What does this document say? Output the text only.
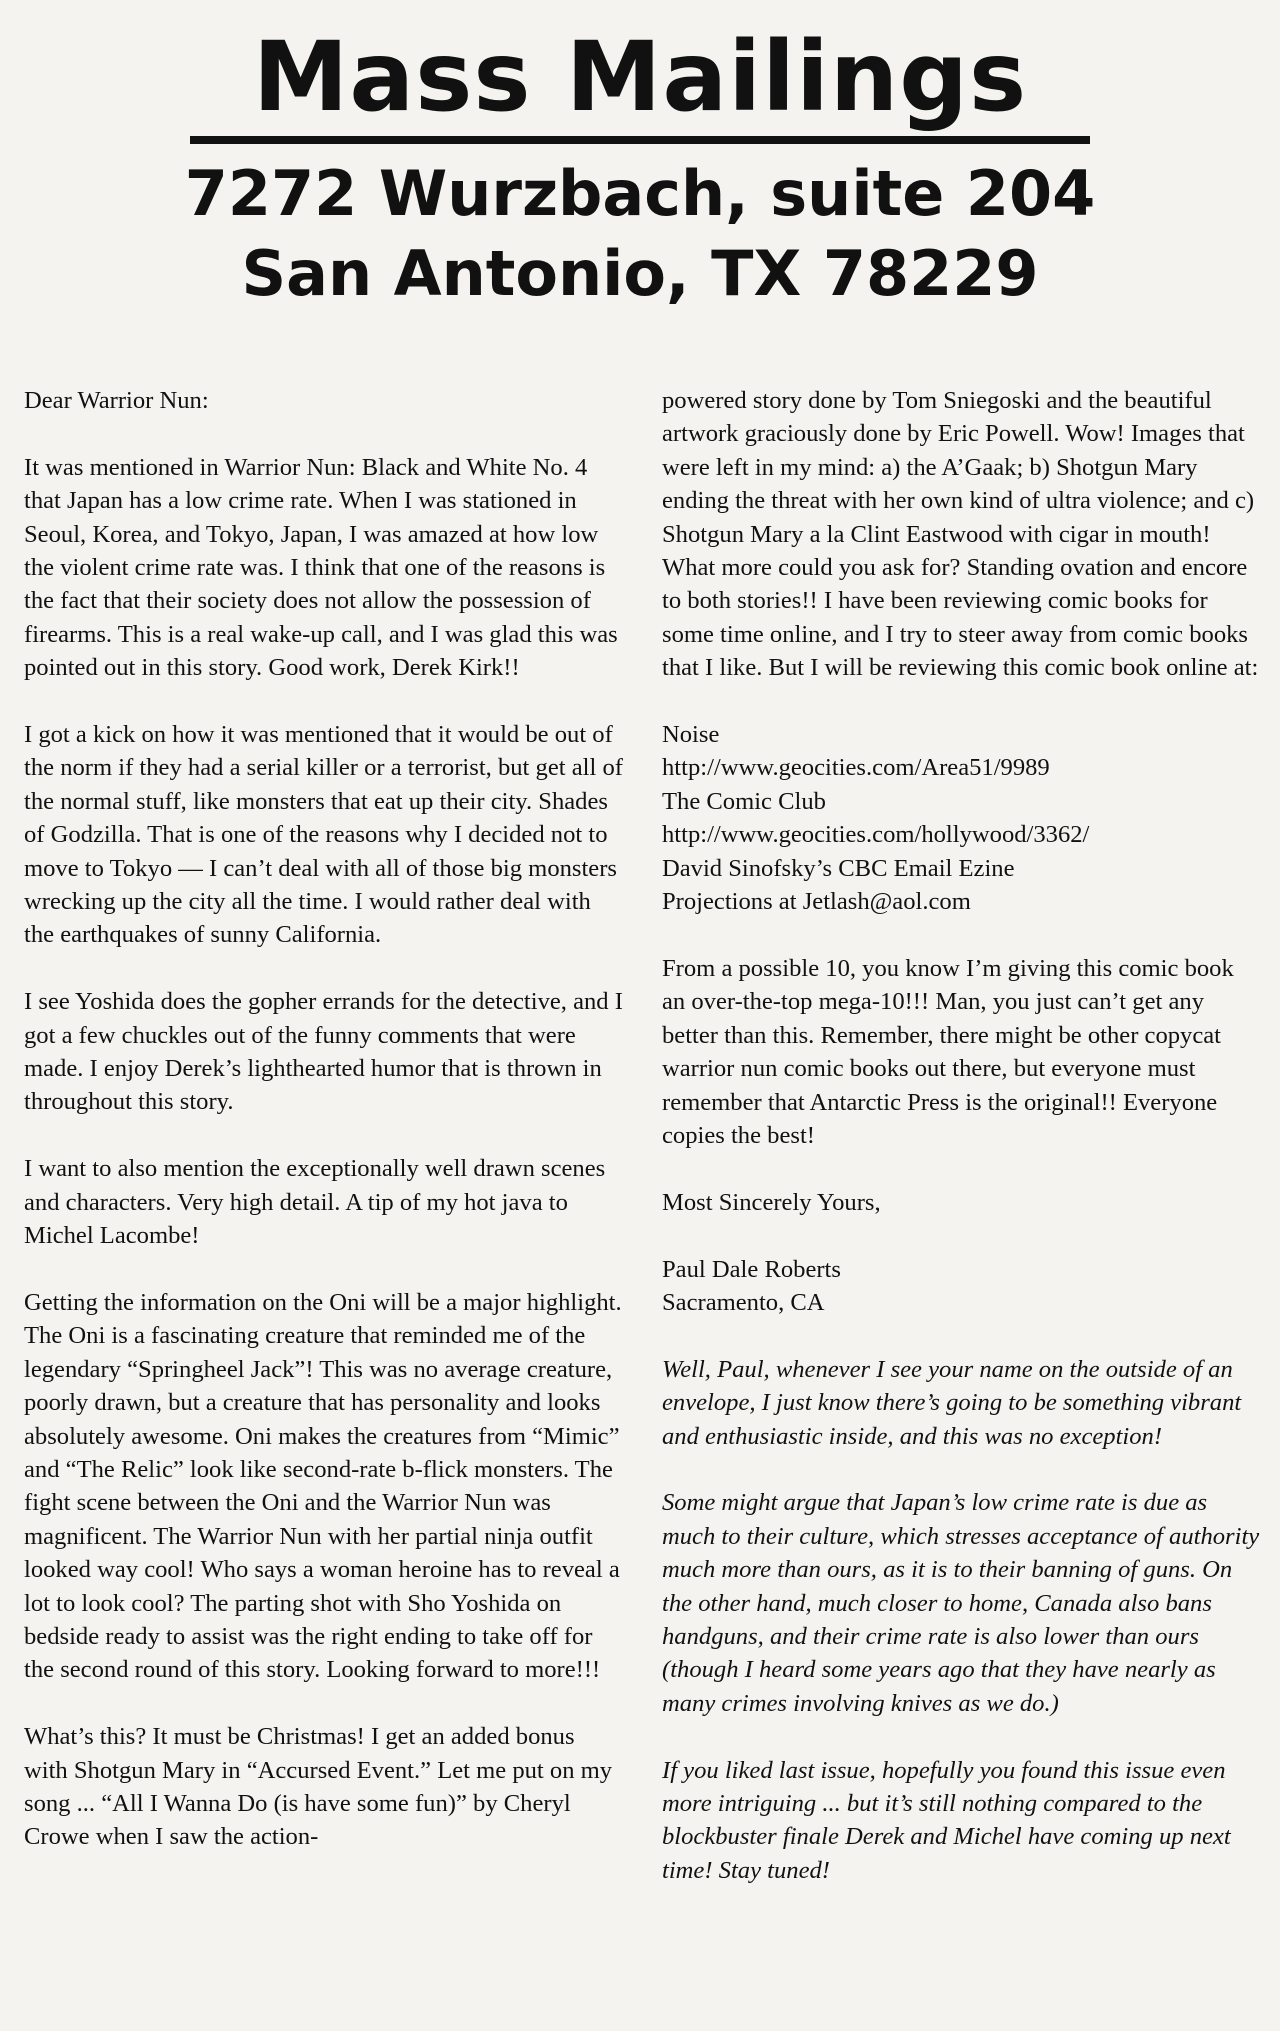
Mass Mailings
7272 Wurzbach, suite 204
San Antonio, TX 78229

Dear Warrior Nun:

It was mentioned in Warrior Nun: Black and White No. 4 that Japan has a low crime rate. When I was stationed in Seoul, Korea, and Tokyo, Japan, I was amazed at how low the violent crime rate was. I think that one of the reasons is the fact that their society does not allow the possession of firearms. This is a real wake-up call, and I was glad this was pointed out in this story. Good work, Derek Kirk!!

I got a kick on how it was mentioned that it would be out of the norm if they had a serial killer or a terrorist, but get all of the normal stuff, like monsters that eat up their city. Shades of Godzilla. That is one of the reasons why I decided not to move to Tokyo — I can’t deal with all of those big monsters wrecking up the city all the time. I would rather deal with the earthquakes of sunny California.

I see Yoshida does the gopher errands for the detective, and I got a few chuckles out of the funny comments that were made. I enjoy Derek’s lighthearted humor that is thrown in throughout this story.

I want to also mention the exceptionally well drawn scenes and characters. Very high detail. A tip of my hot java to Michel Lacombe!

Getting the information on the Oni will be a major highlight. The Oni is a fascinating creature that reminded me of the legendary “Springheel Jack”! This was no average creature, poorly drawn, but a creature that has personality and looks absolutely awesome. Oni makes the creatures from “Mimic” and “The Relic” look like second-rate b-flick monsters. The fight scene between the Oni and the Warrior Nun was magnificent. The Warrior Nun with her partial ninja outfit looked way cool! Who says a woman heroine has to reveal a lot to look cool? The parting shot with Sho Yoshida on bedside ready to assist was the right ending to take off for the second round of this story. Looking forward to more!!!

What’s this? It must be Christmas! I get an added bonus with Shotgun Mary in “Accursed Event.” Let me put on my song ... “All I Wanna Do (is have some fun)” by Cheryl Crowe when I saw the action-

powered story done by Tom Sniegoski and the beautiful artwork graciously done by Eric Powell. Wow! Images that were left in my mind: a) the A’Gaak; b) Shotgun Mary ending the threat with her own kind of ultra violence; and c) Shotgun Mary a la Clint Eastwood with cigar in mouth! What more could you ask for? Standing ovation and encore to both stories!! I have been reviewing comic books for some time online, and I try to steer away from comic books that I like. But I will be reviewing this comic book online at:

Noise
http://www.geocities.com/Area51/9989
The Comic Club
http://www.geocities.com/hollywood/3362/
David Sinofsky’s CBC Email Ezine
Projections at Jetlash@aol.com

From a possible 10, you know I’m giving this comic book an over-the-top mega-10!!! Man, you just can’t get any better than this. Remember, there might be other copycat warrior nun comic books out there, but everyone must remember that Antarctic Press is the original!! Everyone copies the best!

Most Sincerely Yours,

Paul Dale Roberts

Sacramento, CA

Well, Paul, whenever I see your name on the outside of an envelope, I just know there’s going to be something vibrant and enthusiastic inside, and this was no exception!

Some might argue that Japan’s low crime rate is due as much to their culture, which stresses acceptance of authority much more than ours, as it is to their banning of guns. On the other hand, much closer to home, Canada also bans handguns, and their crime rate is also lower than ours (though I heard some years ago that they have nearly as many crimes involving knives as we do.)

If you liked last issue, hopefully you found this issue even more intriguing ... but it’s still nothing compared to the blockbuster finale Derek and Michel have coming up next time! Stay tuned!
